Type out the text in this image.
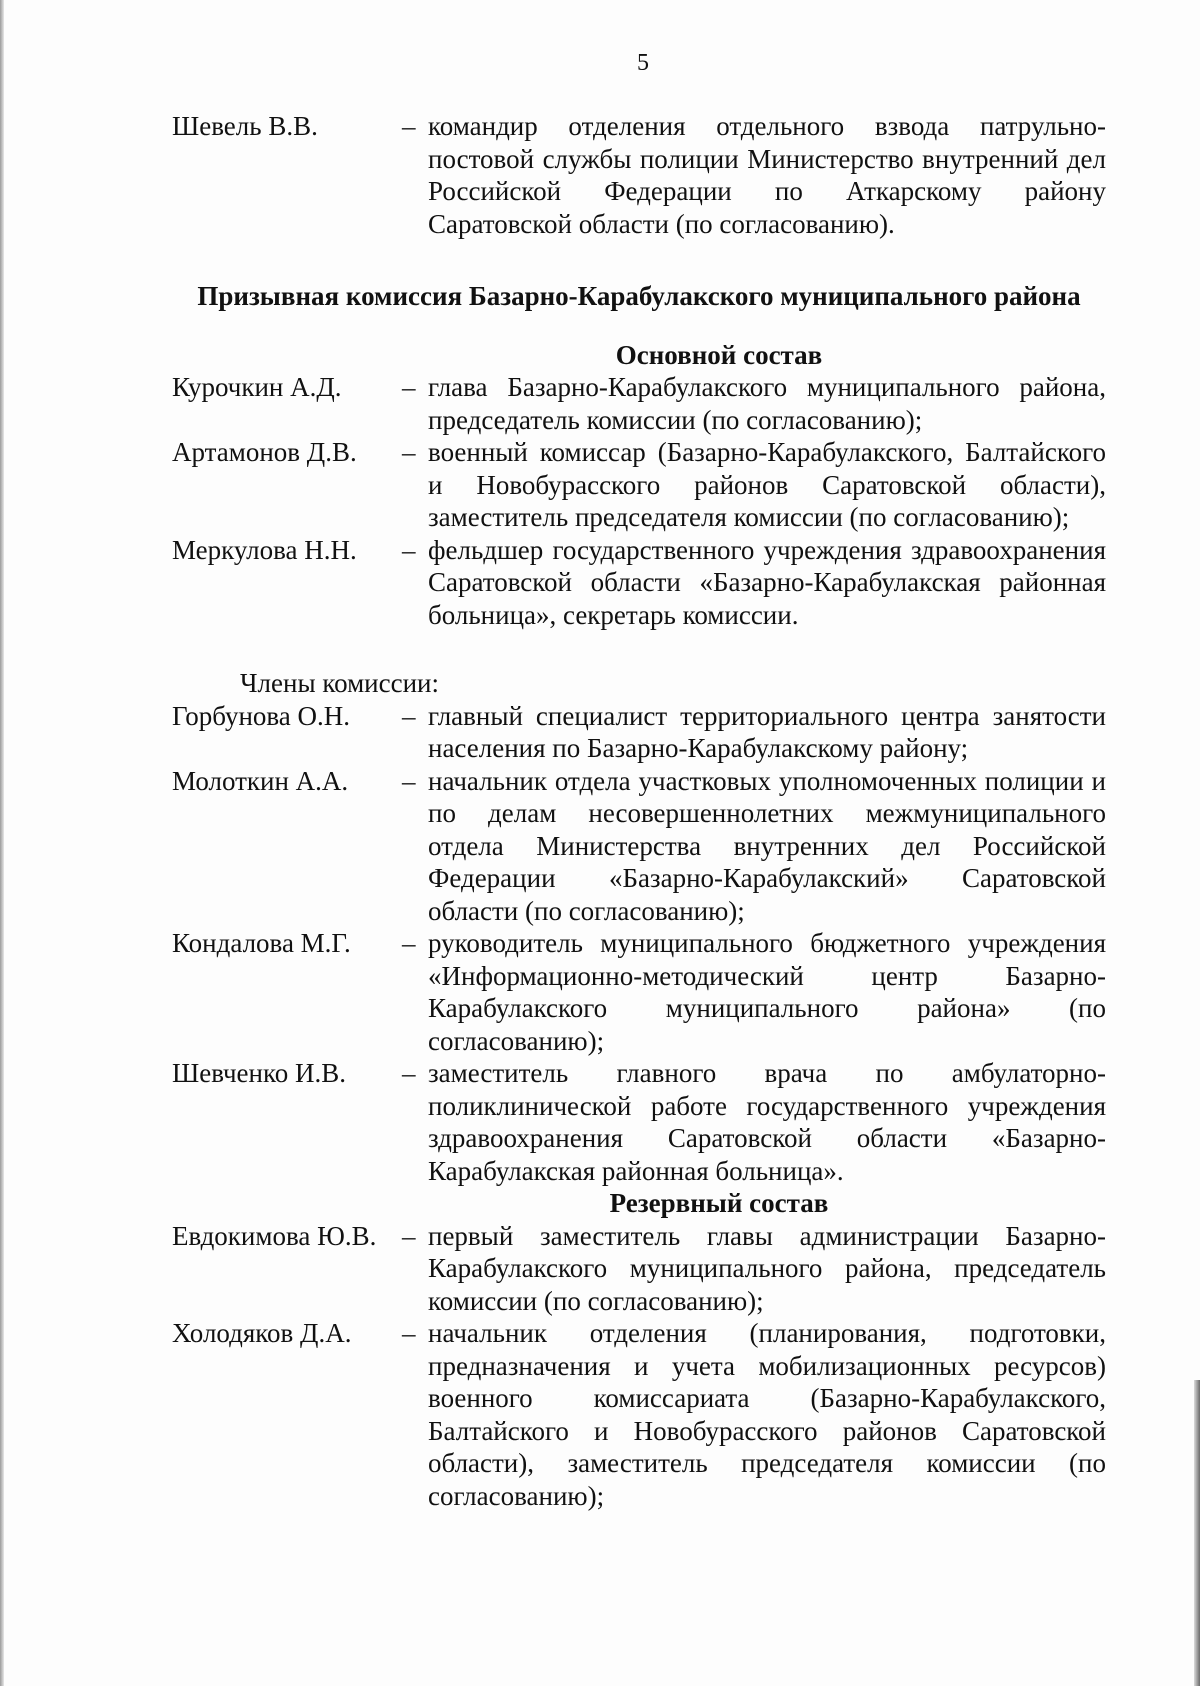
5
Шевель В.В.	– командир отделения отдельного взвода патрульно-постовой службы полиции Министерство внутренний дел Российской Федерации по Аткарскому району Саратовской области (по согласованию).
Призывная комиссия Базарно-Карабулакского муниципального района
Основной состав
Курочкин А.Д.	– глава Базарно-Карабулакского муниципального района, председатель комиссии (по согласованию);
Артамонов Д.В.	– военный комиссар (Базарно-Карабулакского, Балтайского и Новобурасского районов Саратовской области), заместитель председателя комиссии (по согласованию);
Меркулова Н.Н.	– фельдшер государственного учреждения здравоохранения Саратовской области «Базарно-Карабулакская районная больница», секретарь комиссии.
Члены комиссии:
Горбунова О.Н.	– главный специалист территориального центра занятости населения по Базарно-Карабулакскому району;
Молоткин А.А.	– начальник отдела участковых уполномоченных полиции и по делам несовершеннолетних межмуниципального отдела Министерства внутренних дел Российской Федерации «Базарно-Карабулакский» Саратовской области (по согласованию);
Кондалова М.Г.	– руководитель муниципального бюджетного учреждения «Информационно-методический центр Базарно-Карабулакского муниципального района» (по согласованию);
Шевченко И.В.	– заместитель главного врача по амбулаторно-поликлинической работе государственного учреждения здравоохранения Саратовской области «Базарно-Карабулакская районная больница».
Резервный состав
Евдокимова Ю.В. – первый заместитель главы администрации Базарно-Карабулакского муниципального района, председатель комиссии (по согласованию);
Холодяков Д.А.	– начальник отделения (планирования, подготовки, предназначения и учета мобилизационных ресурсов) военного комиссариата (Базарно-Карабулакского, Балтайского и Новобурасского районов Саратовской области), заместитель председателя комиссии (по согласованию);
